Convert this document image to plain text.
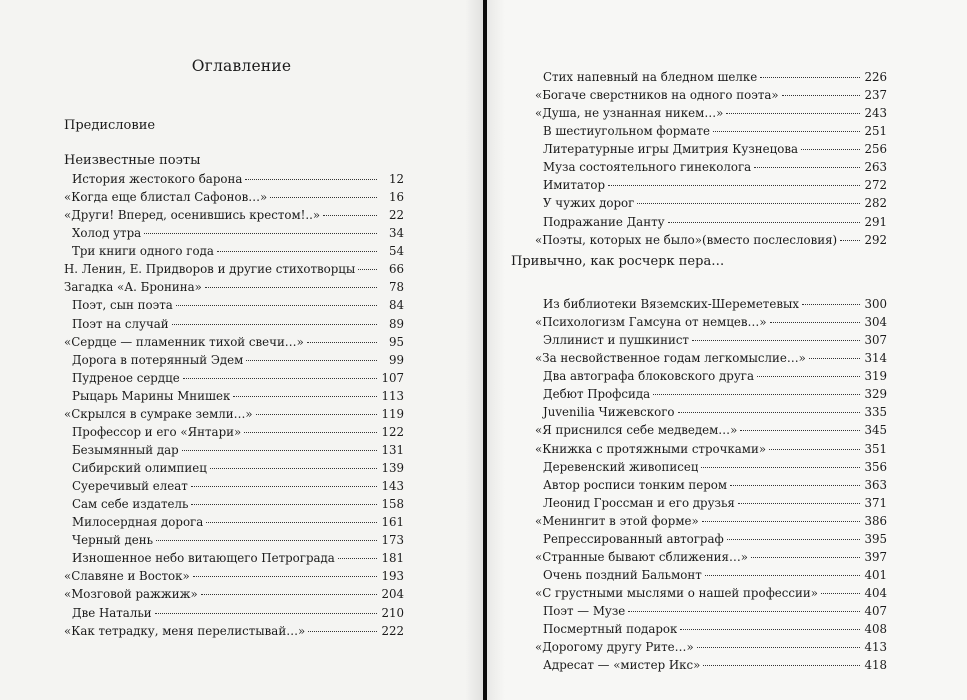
Оглавление
Предисловие
Неизвестные поэты
История жестокого барона	12
«Когда еще блистал Сафонов…»	16
«Други! Вперед, осенившись крестом!..»	22
Холод утра	34
Три книги одного года	54
Н. Ленин, Е. Придворов и другие стихотворцы	66
Загадка «А. Бронина»	78
Поэт, сын поэта	84
Поэт на случай	89
«Сердце — пламенник тихой свечи…»	95
Дорога в потерянный Эдем	99
Пудреное сердце	107
Рыцарь Марины Мнишек	113
«Скрылся в сумраке земли…»	119
Профессор и его «Янтари»	122
Безымянный дар	131
Сибирский олимпиец	139
Суеречивый елеат	143
Сам себе издатель	158
Милосердная дорога	161
Черный день	173
Изношенное небо витающего Петрограда	181
«Славяне и Восток»	193
«Мозговой ражжиж»	204
Две Натальи	210
«Как тетрадку, меня перелистывай…»	222
Стих напевный на бледном шелке	226
«Богаче сверстников на одного поэта»	237
«Душа, не узнанная никем…»	243
В шестиугольном формате	251
Литературные игры Дмитрия Кузнецова	256
Муза состоятельного гинеколога	263
Имитатор	272
У чужих дорог	282
Подражание Данту	291
«Поэты, которых не было»(вместо послесловия) 292
Привычно, как росчерк пера…
Из библиотеки Вяземских-Шереметевых	300
«Психологизм Гамсуна от немцев…»	304
Эллинист и пушкинист	307
«За несвойственное годам легкомыслие…»	314
Два автографа блоковского друга	319
Дебют Профсида	329
Juvenilia Чижевского	335
«Я приснился себе медведем…»	345
«Книжка с протяжными строчками»	351
Деревенский живописец	356
Автор росписи тонким пером	363
Леонид Гроссман и его друзья	371
«Менингит в этой форме»	386
Репрессированный автограф	395
«Странные бывают сближения…»	397
Очень поздний Бальмонт	401
«С грустными мыслями о нашей профессии»	404
Поэт — Музе	407
Посмертный подарок	408
«Дорогому другу Рите…»	413
Адресат — «мистер Икс»	418
